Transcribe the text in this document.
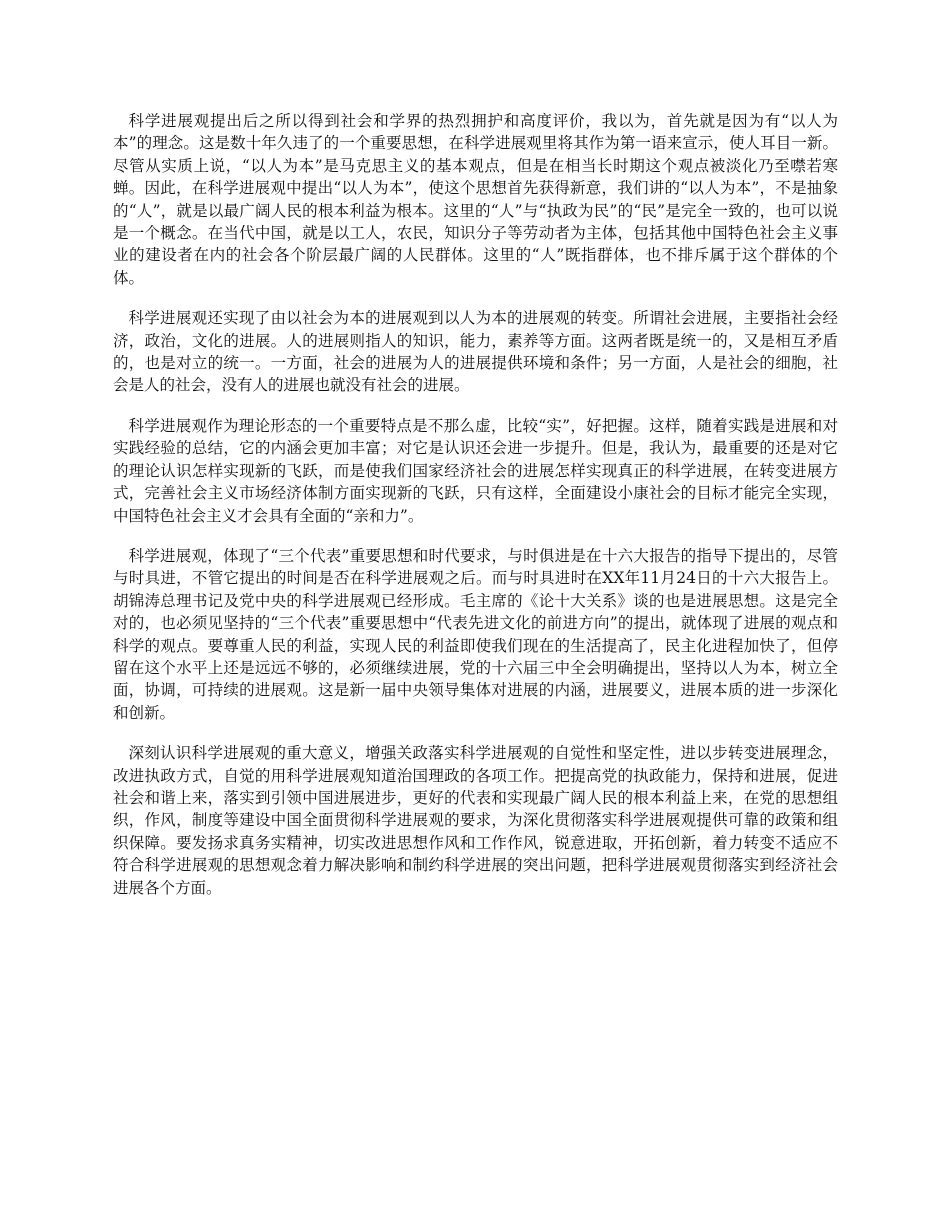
科学进展观提出后之所以得到社会和学界的热烈拥护和高度评价，我以为，首先就是因为有“以人为本”的理念。这是数十年久违了的一个重要思想，在科学进展观里将其作为第一语来宣示，使人耳目一新。尽管从实质上说，“以人为本”是马克思主义的基本观点，但是在相当长时期这个观点被淡化乃至噤若寒蝉。因此，在科学进展观中提出“以人为本”，使这个思想首先获得新意，我们讲的“以人为本”，不是抽象的“人”，就是以最广阔人民的根本利益为根本。这里的“人”与“执政为民”的“民”是完全一致的，也可以说是一个概念。在当代中国，就是以工人，农民，知识分子等劳动者为主体，包括其他中国特色社会主义事业的建设者在内的社会各个阶层最广阔的人民群体。这里的“人”既指群体，也不排斥属于这个群体的个体。

科学进展观还实现了由以社会为本的进展观到以人为本的进展观的转变。所谓社会进展，主要指社会经济，政治，文化的进展。人的进展则指人的知识，能力，素养等方面。这两者既是统一的，又是相互矛盾的，也是对立的统一。一方面，社会的进展为人的进展提供环境和条件；另一方面，人是社会的细胞，社会是人的社会，没有人的进展也就没有社会的进展。

科学进展观作为理论形态的一个重要特点是不那么虚，比较“实”，好把握。这样，随着实践是进展和对实践经验的总结，它的内涵会更加丰富；对它是认识还会进一步提升。但是，我认为，最重要的还是对它的理论认识怎样实现新的飞跃，而是使我们国家经济社会的进展怎样实现真正的科学进展，在转变进展方式，完善社会主义市场经济体制方面实现新的飞跃，只有这样，全面建设小康社会的目标才能完全实现，中国特色社会主义才会具有全面的“亲和力”。

科学进展观，体现了“三个代表”重要思想和时代要求，与时俱进是在十六大报告的指导下提出的，尽管与时具进，不管它提出的时间是否在科学进展观之后。而与时具进时在XX年11月24日的十六大报告上。胡锦涛总理书记及党中央的科学进展观已经形成。毛主席的《论十大关系》谈的也是进展思想。这是完全对的，也必须见坚持的“三个代表”重要思想中“代表先进文化的前进方向”的提出，就体现了进展的观点和科学的观点。要尊重人民的利益，实现人民的利益即使我们现在的生活提高了，民主化进程加快了，但停留在这个水平上还是远远不够的，必须继续进展，党的十六届三中全会明确提出，坚持以人为本，树立全面，协调，可持续的进展观。这是新一届中央领导集体对进展的内涵，进展要义，进展本质的进一步深化和创新。

深刻认识科学进展观的重大意义，增强关政落实科学进展观的自觉性和坚定性，进以步转变进展理念，改进执政方式，自觉的用科学进展观知道治国理政的各项工作。把提高党的执政能力，保持和进展，促进社会和谐上来，落实到引领中国进展进步，更好的代表和实现最广阔人民的根本利益上来，在党的思想组织，作风，制度等建设中国全面贯彻科学进展观的要求，为深化贯彻落实科学进展观提供可靠的政策和组织保障。要发扬求真务实精神，切实改进思想作风和工作作风，锐意进取，开拓创新，着力转变不适应不符合科学进展观的思想观念着力解决影响和制约科学进展的突出问题，把科学进展观贯彻落实到经济社会进展各个方面。
